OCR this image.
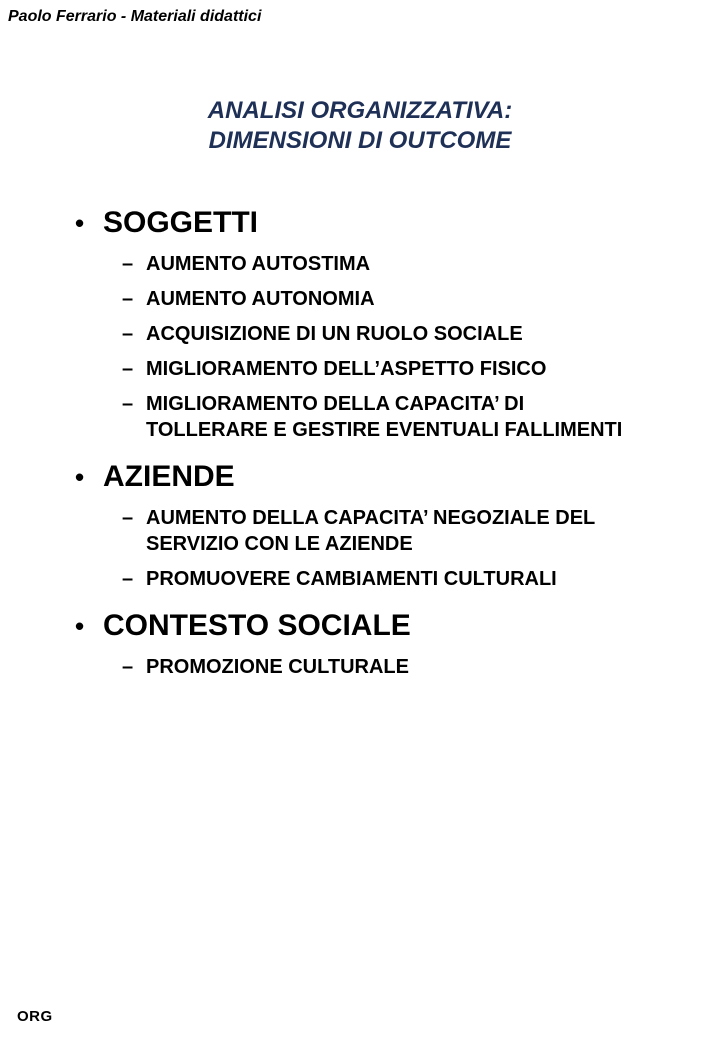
Paolo Ferrario - Materiali didattici
ANALISI ORGANIZZATIVA:
DIMENSIONI DI OUTCOME
• SOGGETTI
– AUMENTO AUTOSTIMA
– AUMENTO AUTONOMIA
– ACQUISIZIONE DI UN RUOLO SOCIALE
– MIGLIORAMENTO DELL’ASPETTO FISICO
– MIGLIORAMENTO DELLA CAPACITA’ DI TOLLERARE E GESTIRE EVENTUALI FALLIMENTI
• AZIENDE
– AUMENTO DELLA CAPACITA’ NEGOZIALE DEL SERVIZIO CON LE AZIENDE
– PROMUOVERE CAMBIAMENTI CULTURALI
• CONTESTO SOCIALE
– PROMOZIONE CULTURALE
ORG
